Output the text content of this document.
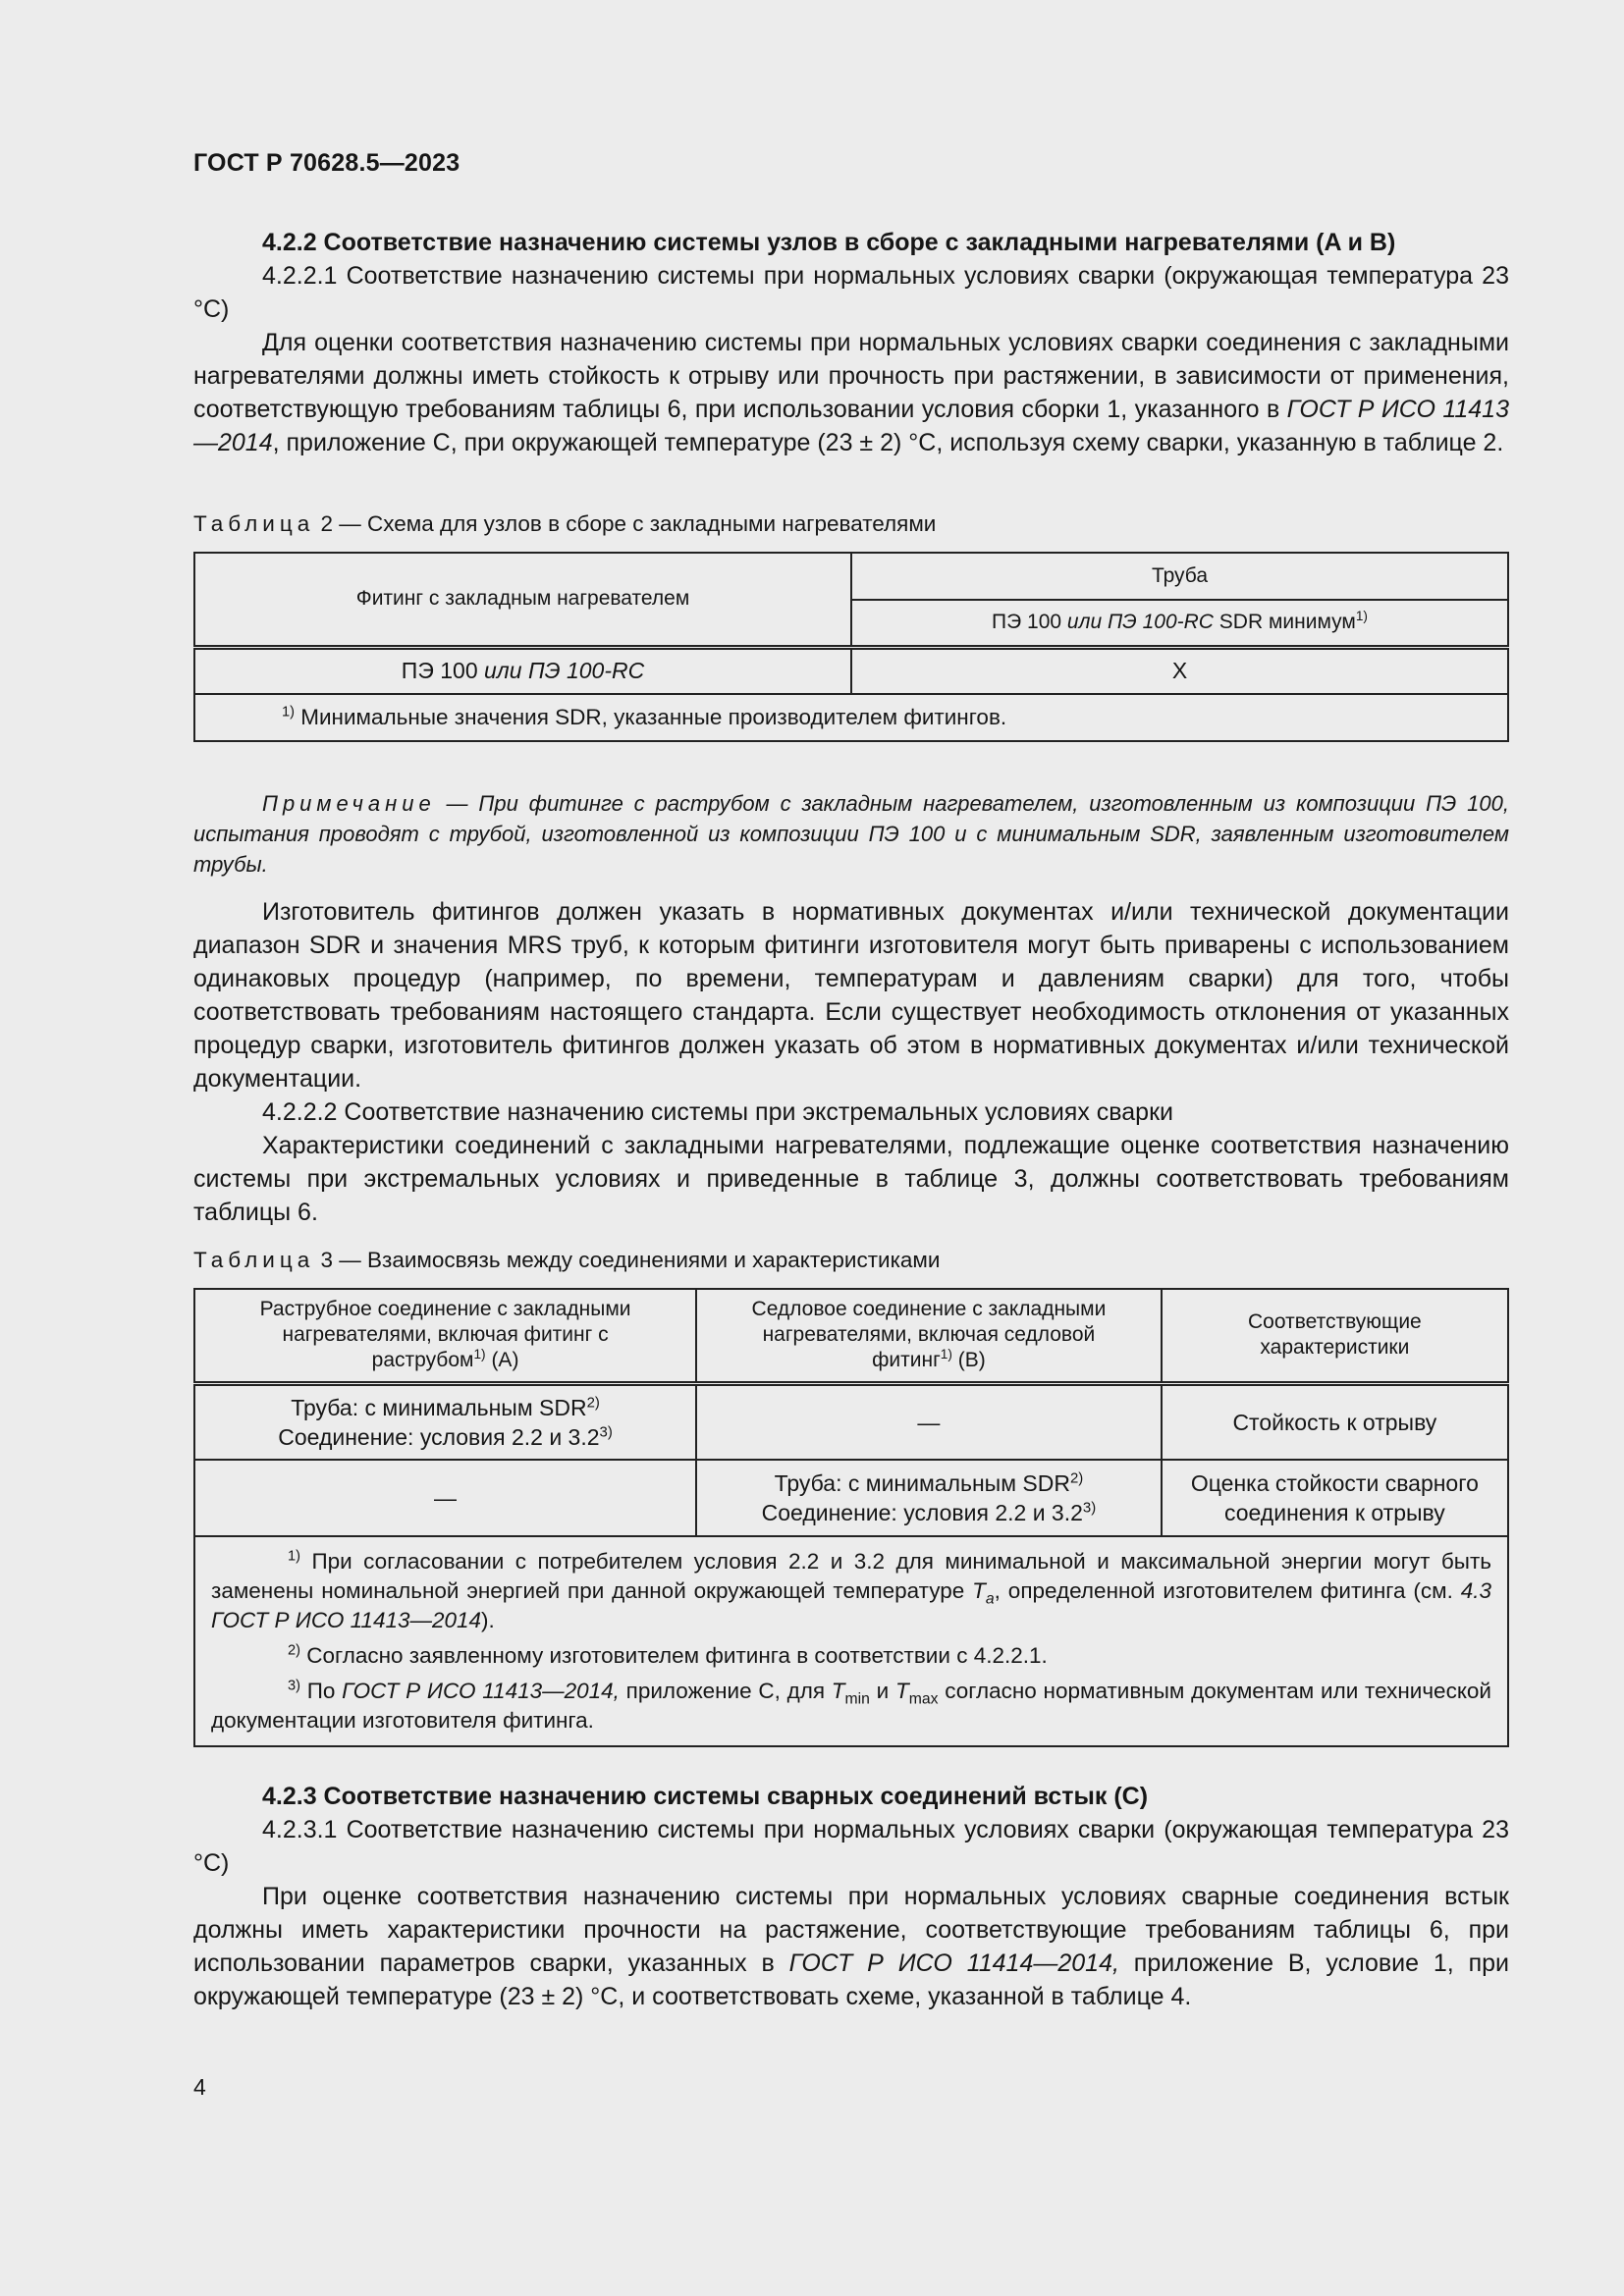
ГОСТ Р 70628.5—2023

4.2.2 Соответствие назначению системы узлов в сборе с закладными нагревателями (A и B)

4.2.2.1 Соответствие назначению системы при нормальных условиях сварки (окружающая температура 23 °С)

Для оценки соответствия назначению системы при нормальных условиях сварки соединения с закладными нагревателями должны иметь стойкость к отрыву или прочность при растяжении, в зависимости от применения, соответствующую требованиям таблицы 6, при использовании условия сборки 1, указанного в ГОСТ Р ИСО 11413—2014, приложение С, при окружающей температуре (23 ± 2) °С, используя схему сварки, указанную в таблице 2.

Таблица 2 — Схема для узлов в сборе с закладными нагревателями

Фитинг с закладным нагревателем	Труба
	ПЭ 100 или ПЭ 100-RC SDR минимум$^{1)}$
ПЭ 100 или ПЭ 100-RC	X
$^{1)}$ Минимальные значения SDR, указанные производителем фитингов.	

Примечание — При фитинге с раструбом с закладным нагревателем, изготовленным из композиции ПЭ 100, испытания проводят с трубой, изготовленной из композиции ПЭ 100 и с минимальным SDR, заявленным изготовителем трубы.

Изготовитель фитингов должен указать в нормативных документах и/или технической документации диапазон SDR и значения MRS труб, к которым фитинги изготовителя могут быть приварены с использованием одинаковых процедур (например, по времени, температурам и давлениям сварки) для того, чтобы соответствовать требованиям настоящего стандарта. Если существует необходимость отклонения от указанных процедур сварки, изготовитель фитингов должен указать об этом в нормативных документах и/или технической документации.

4.2.2.2 Соответствие назначению системы при экстремальных условиях сварки

Характеристики соединений с закладными нагревателями, подлежащие оценке соответствия назначению системы при экстремальных условиях и приведенные в таблице 3, должны соответствовать требованиям таблицы 6.

Таблица 3 — Взаимосвязь между соединениями и характеристиками

Раструбное соединение с закладными нагревателями, включая фитинг с раструбом$^{1)}$ (A)	Седловое соединение с закладными нагревателями, включая седловой фитинг$^{1)}$ (B)	Соответствующие характеристики
Труба: с минимальным SDR$^{2)}$
Соединение: условия 2.2 и 3.2$^{3)}$	—	Стойкость к отрыву
—	Труба: с минимальным SDR$^{2)}$
Соединение: условия 2.2 и 3.2$^{3)}$	Оценка стойкости сварного соединения к отрыву

$^{1)}$ При согласовании с потребителем условия 2.2 и 3.2 для минимальной и максимальной энергии могут быть заменены номинальной энергией при данной окружающей температуре $T_a$, определенной изготовителем фитинга (см. 4.3 ГОСТ Р ИСО 11413—2014).

$^{2)}$ Согласно заявленному изготовителем фитинга в соответствии с 4.2.2.1.

$^{3)}$ По ГОСТ Р ИСО 11413—2014, приложение С, для $T_{min}$ и $T_{max}$ согласно нормативным документам или технической документации изготовителя фитинга.		

4.2.3 Соответствие назначению системы сварных соединений встык (С)

4.2.3.1 Соответствие назначению системы при нормальных условиях сварки (окружающая температура 23 °С)

При оценке соответствия назначению системы при нормальных условиях сварные соединения встык должны иметь характеристики прочности на растяжение, соответствующие требованиям таблицы 6, при использовании параметров сварки, указанных в ГОСТ Р ИСО 11414—2014, приложение В, условие 1, при окружающей температуре (23 ± 2) °С, и соответствовать схеме, указанной в таблице 4.

4
